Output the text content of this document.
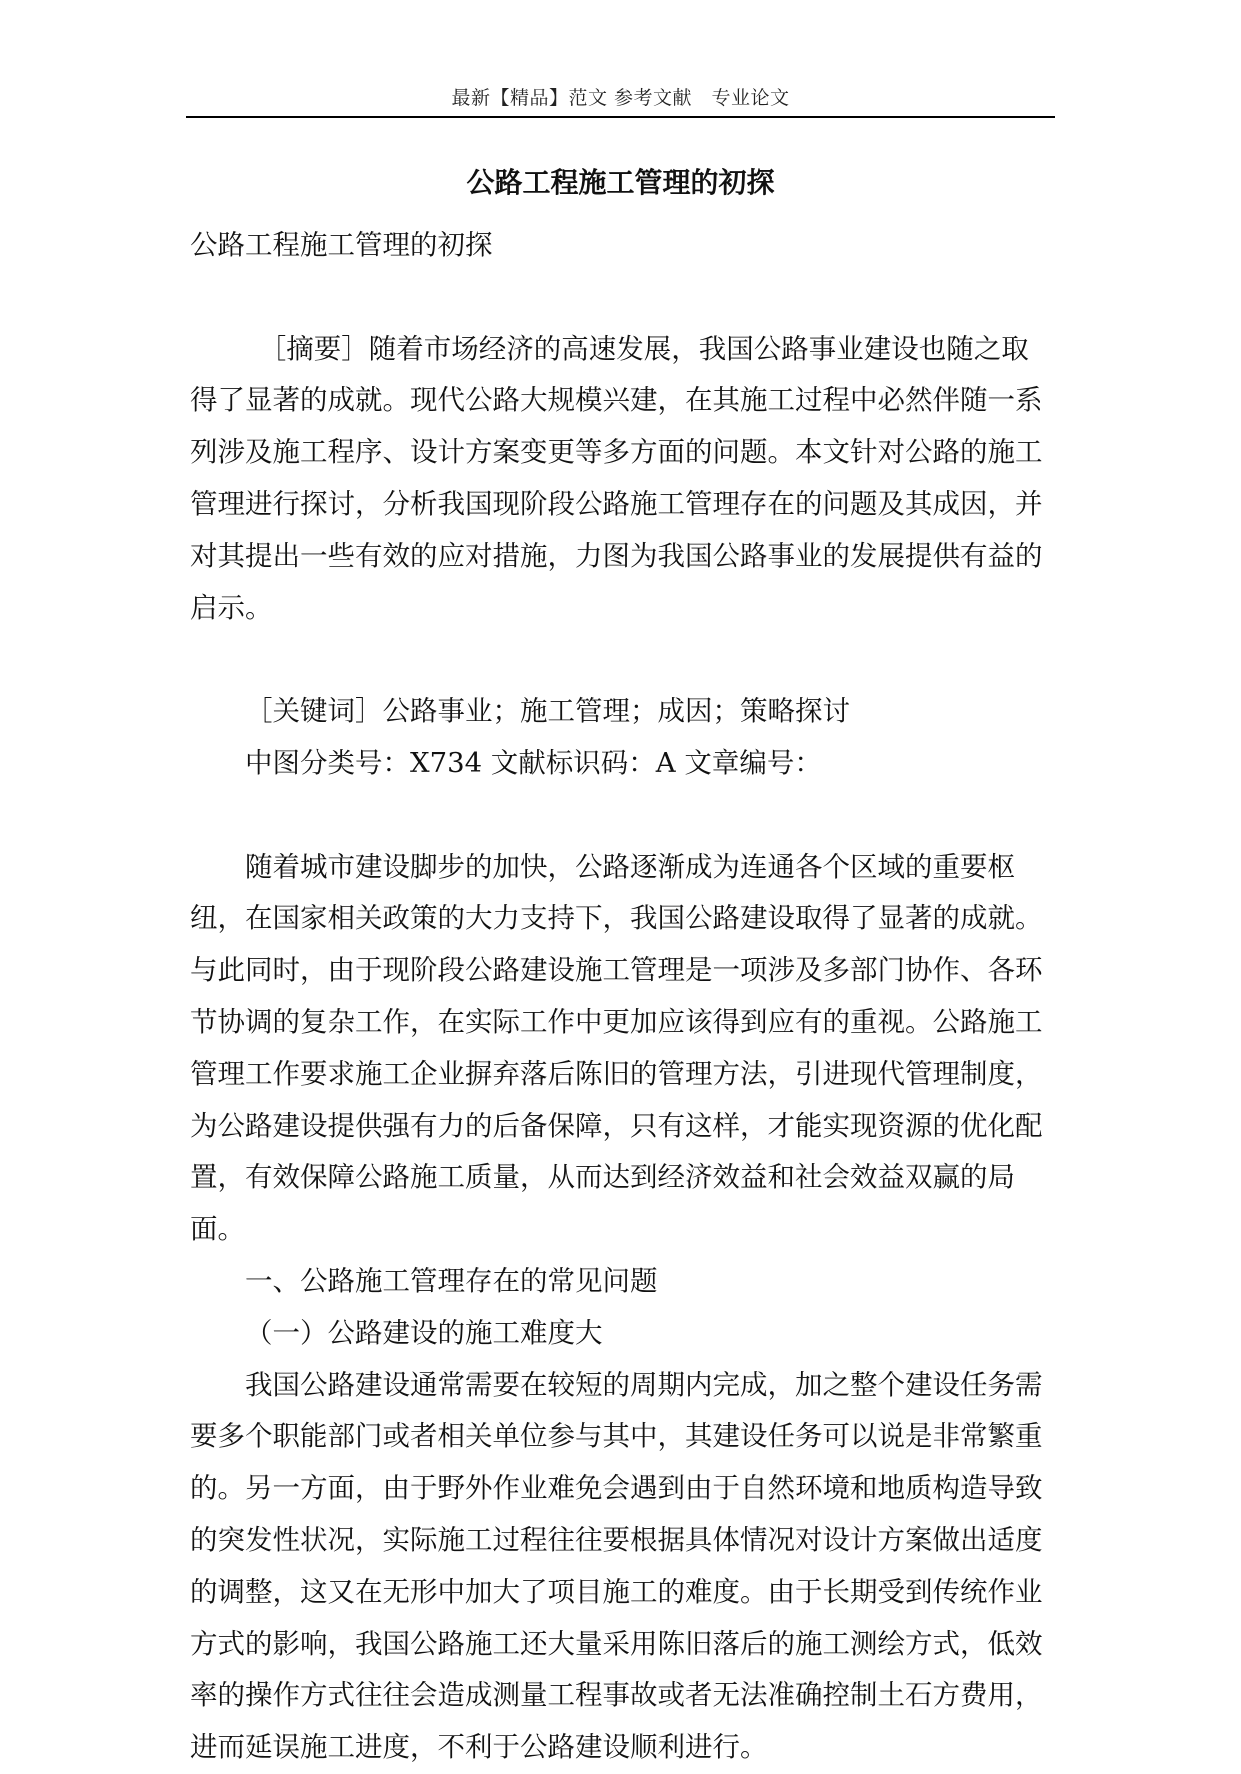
最新【精品】范文 参考文献　专业论文
公路工程施工管理的初探

公路工程施工管理的初探

［摘要］随着市场经济的高速发展，我国公路事业建设也随之取得了显著的成就。现代公路大规模兴建，在其施工过程中必然伴随一系列涉及施工程序、设计方案变更等多方面的问题。本文针对公路的施工管理进行探讨，分析我国现阶段公路施工管理存在的问题及其成因，并对其提出一些有效的应对措施，力图为我国公路事业的发展提供有益的启示。

［关键词］公路事业；施工管理；成因；策略探讨

中图分类号：X734 文献标识码：A 文章编号：

随着城市建设脚步的加快，公路逐渐成为连通各个区域的重要枢纽，在国家相关政策的大力支持下，我国公路建设取得了显著的成就。与此同时，由于现阶段公路建设施工管理是一项涉及多部门协作、各环节协调的复杂工作，在实际工作中更加应该得到应有的重视。公路施工管理工作要求施工企业摒弃落后陈旧的管理方法，引进现代管理制度，为公路建设提供强有力的后备保障，只有这样，才能实现资源的优化配置，有效保障公路施工质量，从而达到经济效益和社会效益双赢的局面。

一、公路施工管理存在的常见问题

（一）公路建设的施工难度大

我国公路建设通常需要在较短的周期内完成，加之整个建设任务需要多个职能部门或者相关单位参与其中，其建设任务可以说是非常繁重的。另一方面，由于野外作业难免会遇到由于自然环境和地质构造导致的突发性状况，实际施工过程往往要根据具体情况对设计方案做出适度的调整，这又在无形中加大了项目施工的难度。由于长期受到传统作业方式的影响，我国公路施工还大量采用陈旧落后的施工测绘方式，低效率的操作方式往往会造成测量工程事故或者无法准确控制土石方费用，进而延误施工进度，不利于公路建设顺利进行。
